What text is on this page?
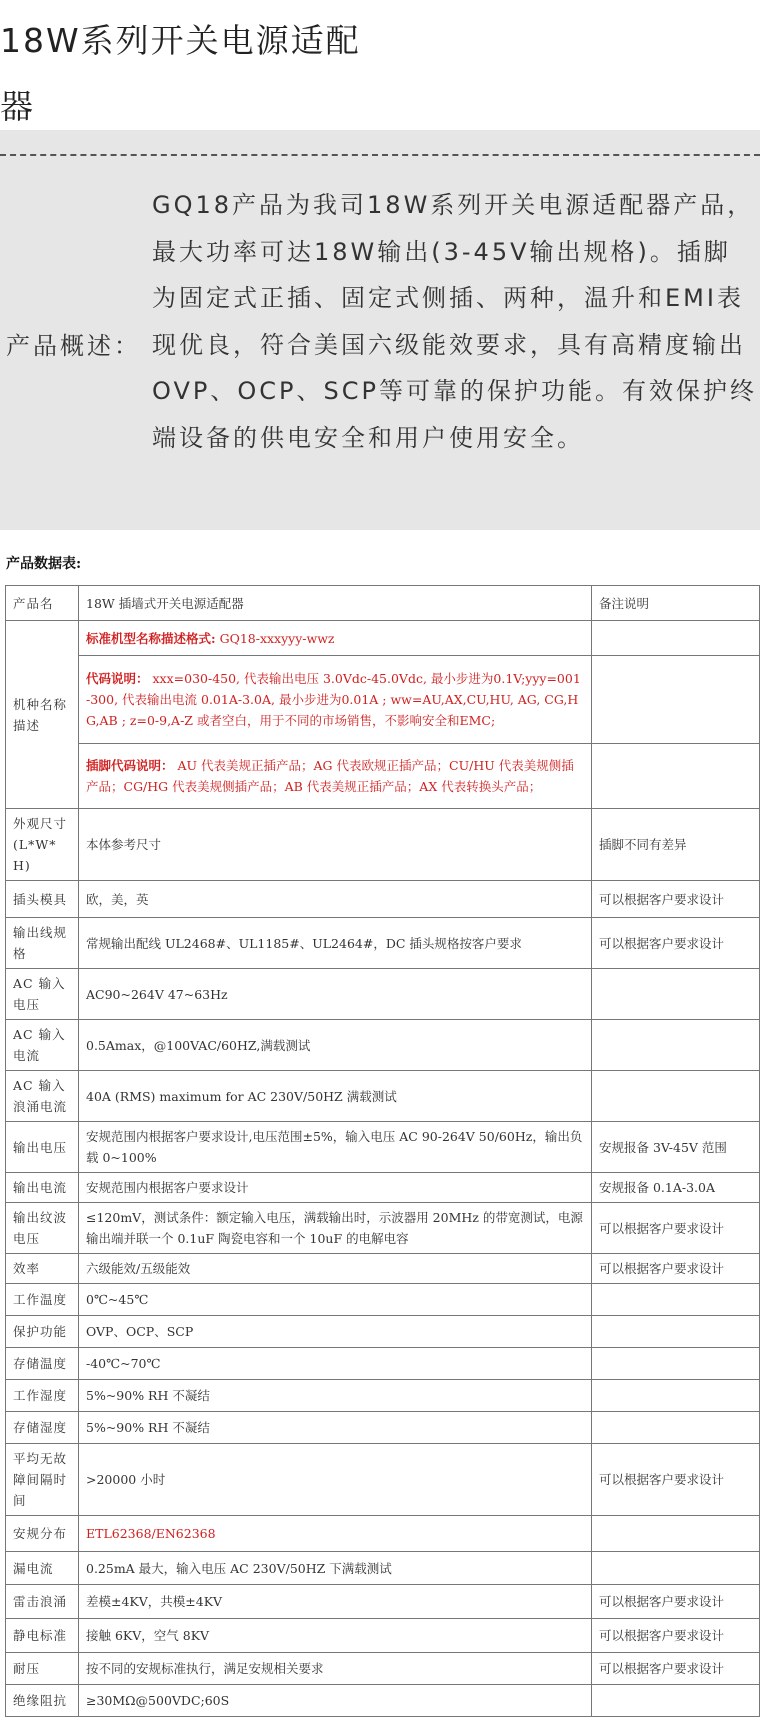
18W系列开关电源适配器
产品概述：
GQ18产品为我司18W系列开关电源适配器产品，最大功率可达18W输出(3-45V输出规格)。插脚为固定式正插、固定式侧插、两种，温升和EMI表现优良，符合美国六级能效要求，具有高精度输出OVP、OCP、SCP等可靠的保护功能。有效保护终端设备的供电安全和用户使用安全。
产品数据表:
产品名	18W 插墙式开关电源适配器	备注说明
机种名称描述	标准机型名称描述格式: GQ18-xxxyyy-wwz	
	代码说明： xxx=030-450, 代表输出电压 3.0Vdc-45.0Vdc, 最小步进为0.1V;yyy=001-300, 代表输出电流 0.01A-3.0A, 最小步进为0.01A ; ww=AU,AX,CU,HU, AG, CG,HG,AB ; z=0-9,A-Z 或者空白，用于不同的市场销售，不影响安全和EMC;	
	插脚代码说明： AU 代表美规正插产品；AG 代表欧规正插产品；CU/HU 代表美规侧插产品；CG/HG 代表美规侧插产品；AB 代表美规正插产品；AX 代表转换头产品；	
外观尺寸(L*W*H)	本体参考尺寸	插脚不同有差异
插头模具	欧，美，英	可以根据客户要求设计
输出线规格	常规输出配线 UL2468#、UL1185#、UL2464#，DC 插头规格按客户要求	可以根据客户要求设计
AC 输入电压	AC90~264V 47~63Hz	
AC 输入电流	0.5Amax，@100VAC/60HZ,满载测试	
AC 输入浪涌电流	40A (RMS) maximum for AC 230V/50HZ 满载测试	
输出电压	安规范围内根据客户要求设计,电压范围±5%，输入电压 AC 90-264V 50/60Hz，输出负载 0~100%	安规报备 3V-45V 范围
输出电流	安规范围内根据客户要求设计	安规报备 0.1A-3.0A
输出纹波电压	≤120mV，测试条件：额定输入电压，满载输出时，示波器用 20MHz 的带宽测试，电源输出端并联一个 0.1uF 陶瓷电容和一个 10uF 的电解电容	可以根据客户要求设计
效率	六级能效/五级能效	可以根据客户要求设计
工作温度	0℃~45℃	
保护功能	OVP、OCP、SCP	
存储温度	-40℃~70℃	
工作湿度	5%~90% RH 不凝结	
存储湿度	5%~90% RH 不凝结	
平均无故障间隔时间	>20000 小时	可以根据客户要求设计
安规分布	ETL62368/EN62368	
漏电流	0.25mA 最大，输入电压 AC 230V/50HZ 下满载测试	
雷击浪涌	差模±4KV，共模±4KV	可以根据客户要求设计
静电标准	接触 6KV，空气 8KV	可以根据客户要求设计
耐压	按不同的安规标准执行，满足安规相关要求	可以根据客户要求设计
绝缘阻抗	≥30MΩ@500VDC;60S	
